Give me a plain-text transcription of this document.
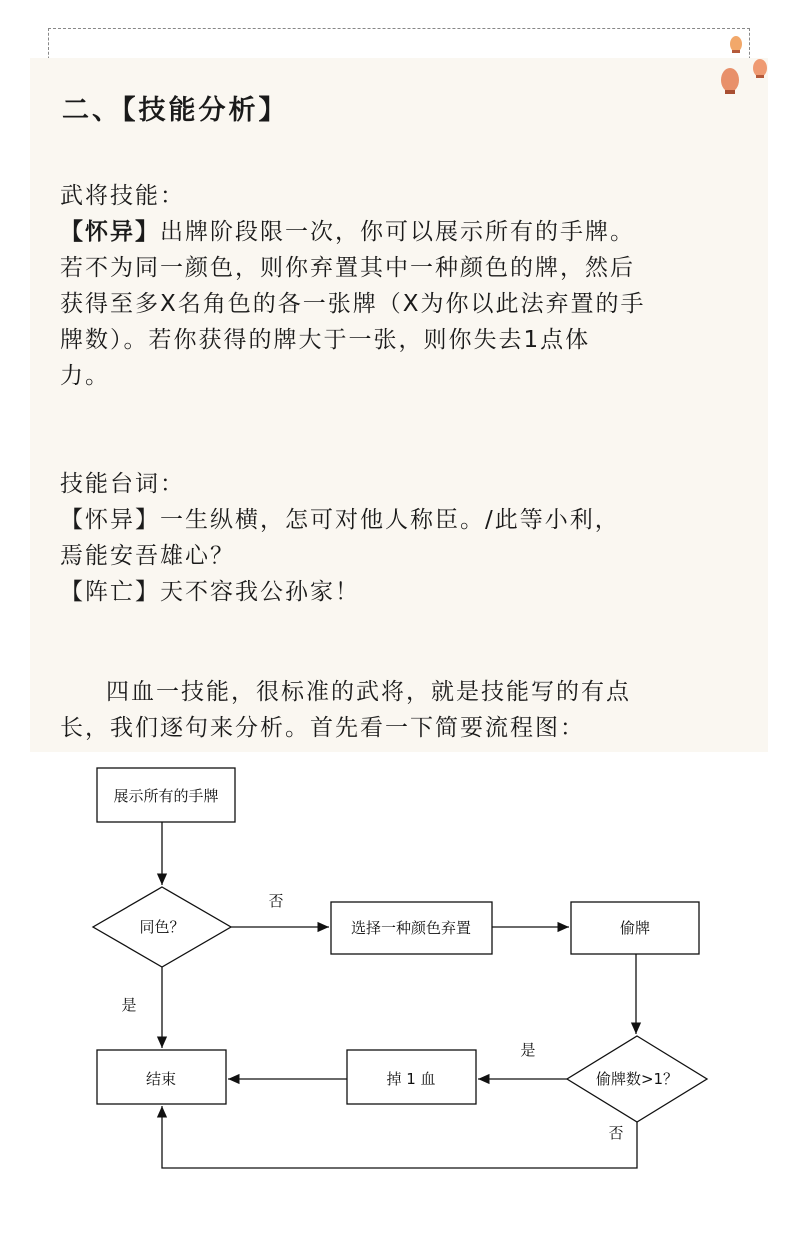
二、【技能分析】

武将技能：

【怀异】出牌阶段限一次，你可以展示所有的手牌。

若不为同一颜色，则你弃置其中一种颜色的牌，然后

获得至多X名角色的各一张牌（X为你以此法弃置的手

牌数）。若你获得的牌大于一张，则你失去1点体

力。

技能台词：

【怀异】一生纵横，怎可对他人称臣。/此等小利，

焉能安吾雄心？

【阵亡】天不容我公孙家！

四血一技能，很标准的武将，就是技能写的有点

长，我们逐句来分析。首先看一下简要流程图：

展示所有的手牌
同色？	选择一种颜色弃置	偷牌
偷牌数>1？
掉 1 血
结束
否
是
是
否
